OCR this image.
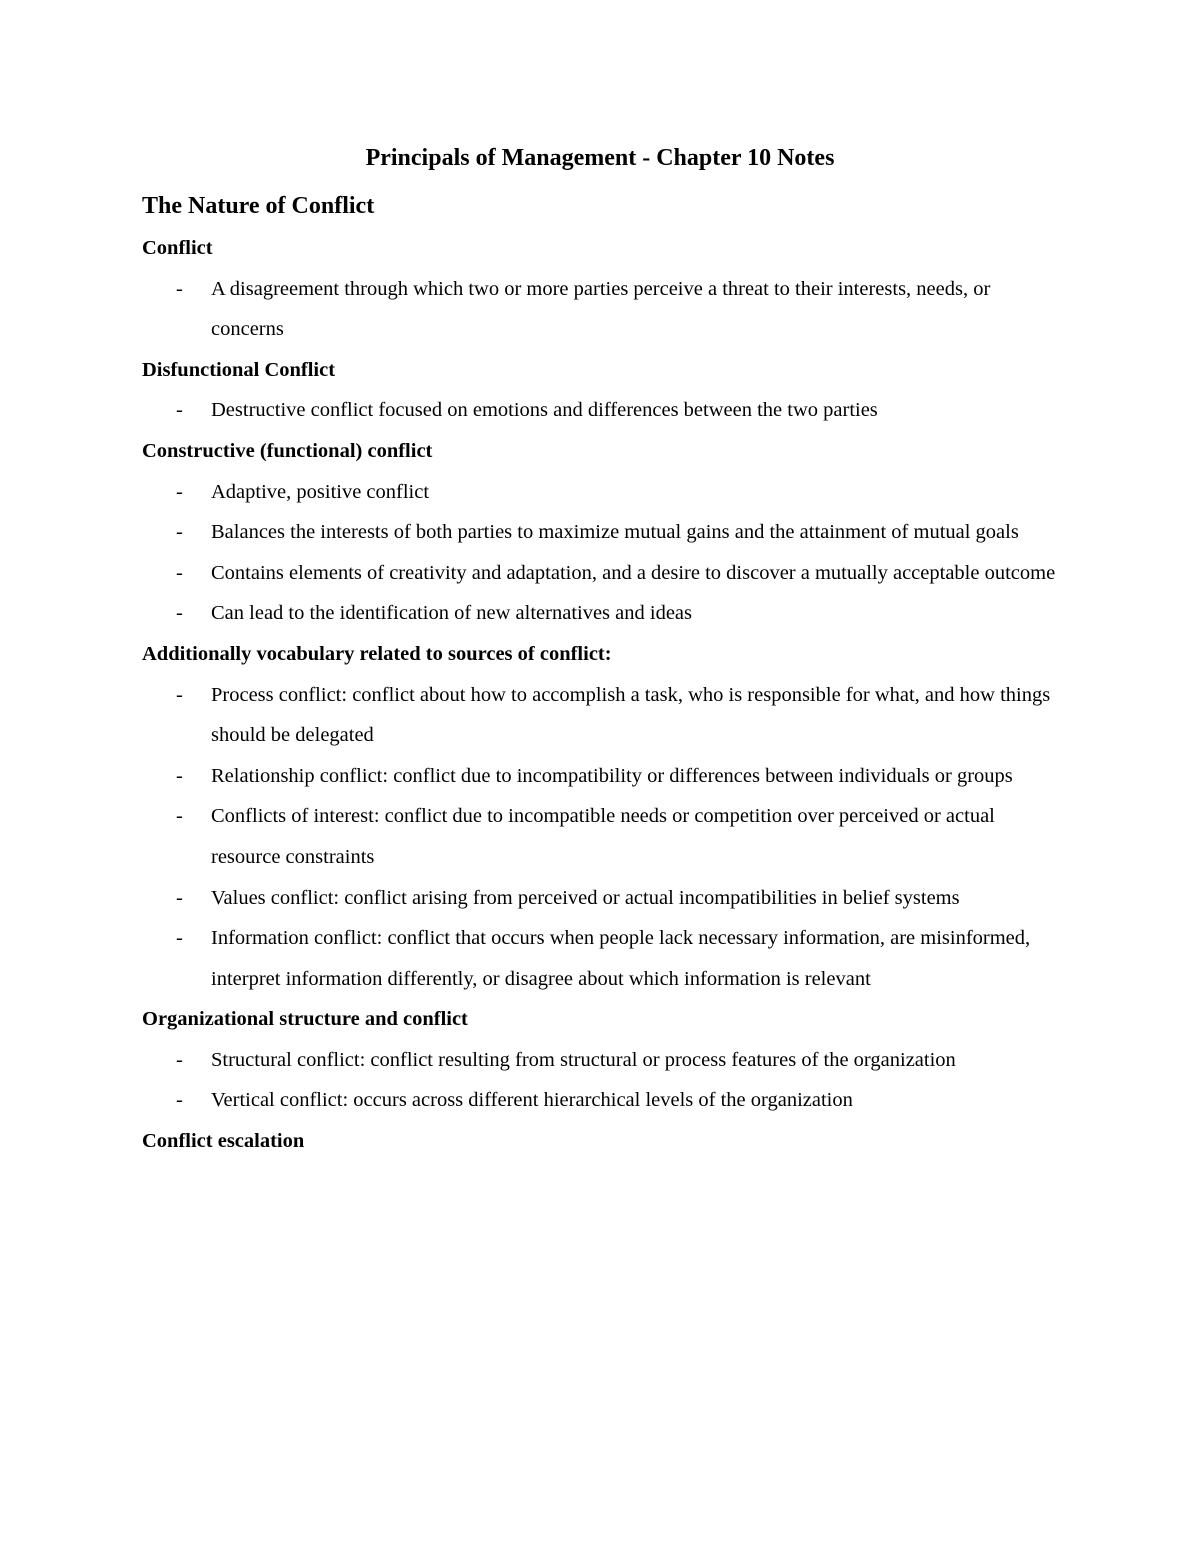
Principals of Management - Chapter 10 Notes
The Nature of Conflict
Conflict
- A disagreement through which two or more parties perceive a threat to their interests, needs, or concerns
Disfunctional Conflict
- Destructive conflict focused on emotions and differences between the two parties
Constructive (functional) conflict
- Adaptive, positive conflict
- Balances the interests of both parties to maximize mutual gains and the attainment of mutual goals
- Contains elements of creativity and adaptation, and a desire to discover a mutually acceptable outcome
- Can lead to the identification of new alternatives and ideas
Additionally vocabulary related to sources of conflict:
- Process conflict: conflict about how to accomplish a task, who is responsible for what, and how things should be delegated
- Relationship conflict: conflict due to incompatibility or differences between individuals or groups
- Conflicts of interest: conflict due to incompatible needs or competition over perceived or actual resource constraints
- Values conflict: conflict arising from perceived or actual incompatibilities in belief systems
- Information conflict: conflict that occurs when people lack necessary information, are misinformed, interpret information differently, or disagree about which information is relevant
Organizational structure and conflict
- Structural conflict: conflict resulting from structural or process features of the organization
- Vertical conflict: occurs across different hierarchical levels of the organization
Conflict escalation
